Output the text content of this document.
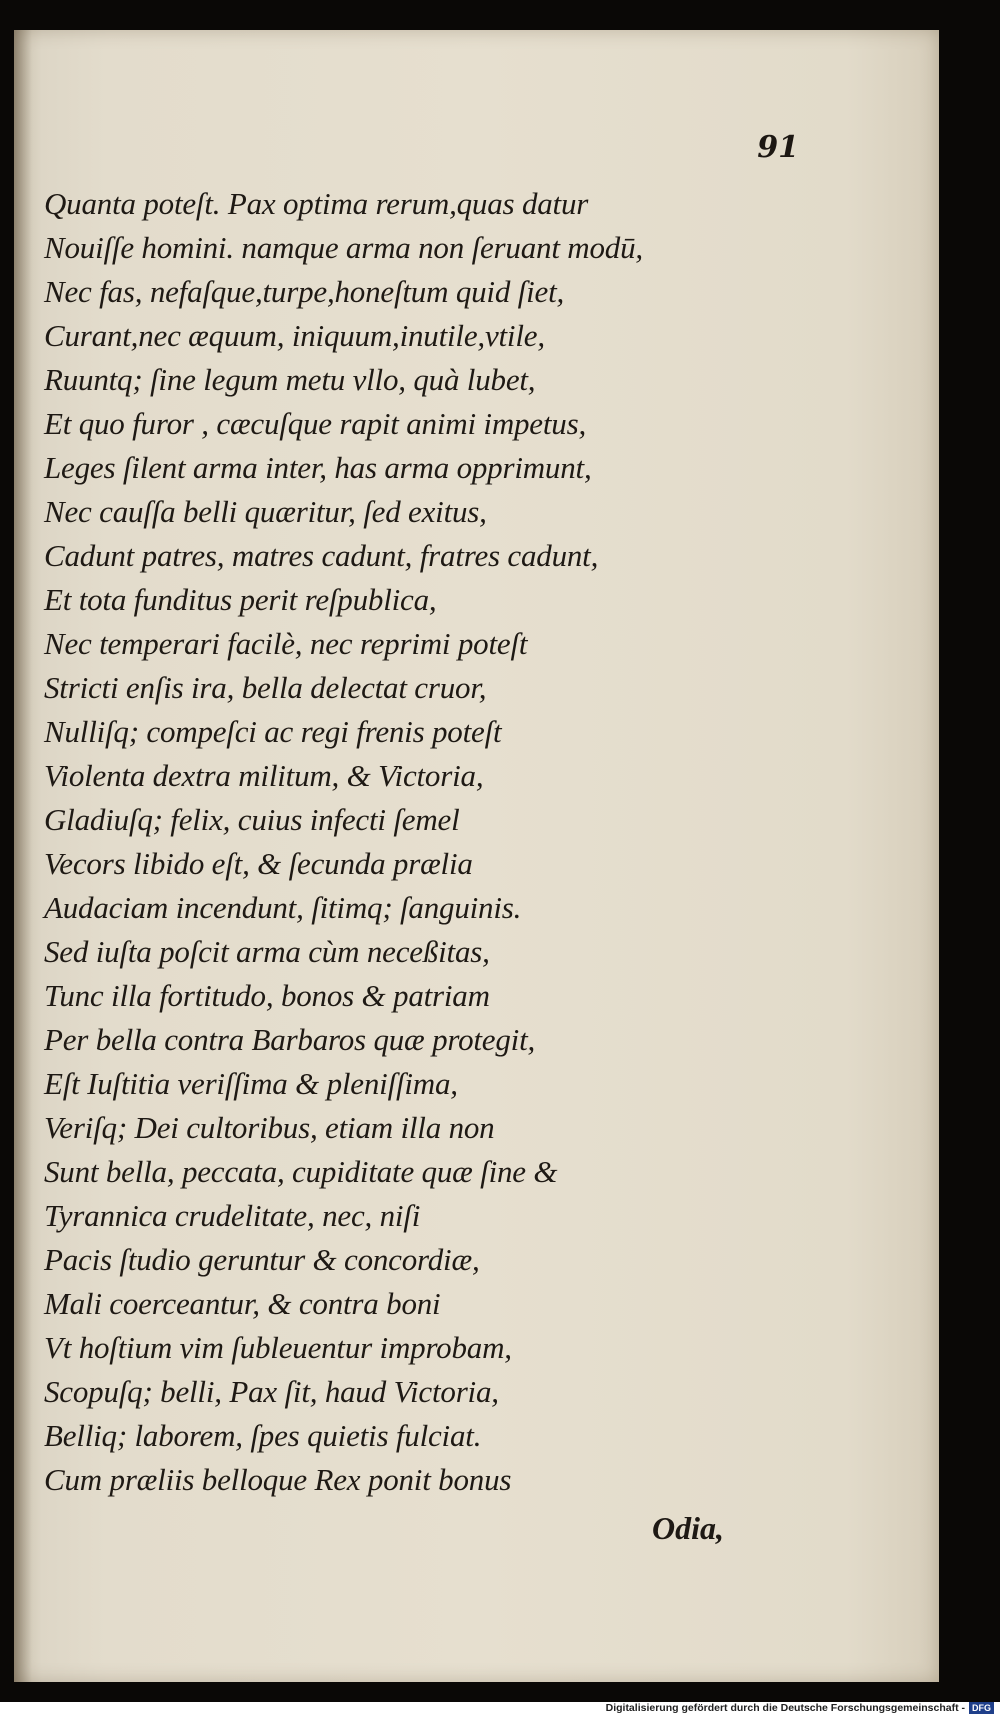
91
Quanta poteſt. Pax optima rerum,quas datur
Nouiſſe homini. namque arma non ſeruant modū,
Nec fas, nefaſque,turpe,honeſtum quid ſiet,
Curant,nec æquum, iniquum,inutile,vtile,
Ruuntq; ſine legum metu vllo, quà lubet,
Et quo furor , cæcuſque rapit animi impetus,
Leges ſilent arma inter, has arma opprimunt,
Nec cauſſa belli quæritur, ſed exitus,
Cadunt patres, matres cadunt, fratres cadunt,
Et tota funditus perit reſpublica,
Nec temperari facilè, nec reprimi poteſt
Stricti enſis ira, bella delectat cruor,
Nulliſq; compeſci ac regi frenis poteſt
Violenta dextra militum, & Victoria,
Gladiuſq; felix, cuius infecti ſemel
Vecors libido eſt, & ſecunda prælia
Audaciam incendunt, ſitimq; ſanguinis.
Sed iuſta poſcit arma cùm neceßitas,
Tunc illa fortitudo, bonos & patriam
Per bella contra Barbaros quæ protegit,
Eſt Iuſtitia veriſſima & pleniſſima,
Veriſq; Dei cultoribus, etiam illa non
Sunt bella, peccata, cupiditate quæ ſine &
Tyrannica crudelitate, nec, niſi
Pacis ſtudio geruntur & concordiæ,
Mali coerceantur, & contra boni
Vt hoſtium vim ſubleuentur improbam,
Scopuſq; belli, Pax ſit, haud Victoria,
Belliq; laborem, ſpes quietis fulciat.
Cum præliis belloque Rex ponit bonus
Odia,
Digitalisierung gefördert durch die Deutsche Forschungsgemeinschaft - DFG
